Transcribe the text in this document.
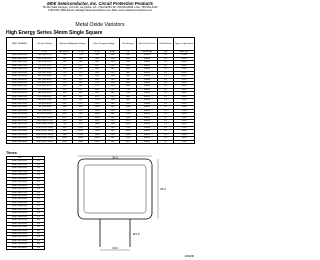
MDE Semiconductor, Inc. Circuit Protection Products
78-150 Calle Tampico, Unit 210, La Quinta, CA., USA 92253 Tel: 760-564-8006 • Fax: 760-564-2414
1-800-831-4881 Email: sales@mdesemiconductor.com Web: www.mdesemiconductor.com
Metal Oxide Varistors
High Energy Series 34mm Single Square
PART NUMBER	Varistor Voltage	Maximum Allowable Voltage		Max Clamping Voltage		Max Energy	Max Peak Current	Rated Power	Typical Capacitance
	V (V)	ACrms (V)	DC (V)	Vc (V)	Ip (A)	(J)	8/20us (A)	(W)	1kHz (pF)
MDE-34S201M	200 (180-220)	130	170	340	200	280	40000	2.0	11000
MDE-34S221M	220 (198-242)	140	180	360	200	310	40000	2.0	10000
MDE-34S241M	240 (216-264)	150	200	395	200	340	40000	2.0	9000
MDE-34S271M	270 (247-303)	175	225	455	200	385	40000	2.0	8000
MDE-34S301M	300 (270-330)	190	250	500	200	420	40000	2.0	7200
MDE-34S331M	330 (297-363)	210	270	550	200	460	40000	2.0	6500
MDE-34S361M	360 (324-396)	230	300	595	200	500	40000	2.0	6000
MDE-34S391M	390 (351-429)	250	320	650	200	540	40000	2.0	5500
MDE-34S431M	430 (387-473)	275	350	710	200	600	40000	2.0	5000
MDE-34S471M	470 (423-517)	300	385	775	200	650	40000	2.0	4600
MDE-34S511M	510 (459-561)	320	415	845	200	710	40000	2.0	4300
MDE-34S561M	560 (504-616)	350	460	930	200	780	40000	2.0	3900
MDE-34S621M	620 (558-682)	385	505	1025	200	860	40000	2.0	3500
MDE-34S681M	680 (612-748)	420	560	1120	200	940	40000	2.0	3200
MDE-34S751M	750 (675-825)	460	615	1240	200	1040	40000	2.0	2900
MDE-34S781M	780 (702-858)	485	640	1290	200	1080	40000	2.0	2800
MDE-34S821M	820 (738-902)	510	670	1355	200	1140	40000	2.0	2700
MDE-34S911M	910 (819-1001)	550	745	1500	200	1260	40000	2.0	2400
MDE-34S102M	1000 (900-1100)	625	825	1650	200	1390	40000	2.0	2200
MDE-34S112M	1100 (990-1210)	680	895	1815	200	1510	40000	2.0	2000
MDE-34S122M	1200 (1080-1320)	750	970	1980	200	1640	40000	2.0	1800
MDE-34S132M	1300 (1170-1430)	800	1050	2150	200	1780	40000	2.0	1700
MDE-34S142M	1400 (1260-1540)	880	1130	2310	200	1920	40000	2.0	1600
MDE-34S152M	1500 (1350-1650)	960	1200	2480	200	2060	40000	2.0	1500
MDE-34S162M	1600 (1440-1760)	1000	1280	2640	200	2200	40000	2.0	1400
MDE-34S182M	1800 (1620-1980)	1100	1465	2970	200	2470	40000	2.0	1250
Times
Part	T
MDE-34S201M	5.0
MDE-34S221M	5.0
MDE-34S241M	5.0
MDE-34S271M	5.0
MDE-34S301M	5.0
MDE-34S331M	5.0
MDE-34S361M	5.0
MDE-34S391M	5.0
MDE-34S431M	5.0
MDE-34S471M	5.0
MDE-34S511M	5.0
MDE-34S561M	5.0
MDE-34S621M	5.0
MDE-34S681M	5.0
MDE-34S751M	5.0
MDE-34S781M	5.0
MDE-34S821M	5.0
MDE-34S911M	5.0
MDE-34S102M	5.0
MDE-34S112M	5.0
MDE-34S122M	5.0
MDE-34S132M	5.0
MDE-34S142M	5.0
MDE-34S152M	5.0
MDE-34S162M	5.0
MDE-34S182M	5.0
34.0
34.0
Ø1.0
10.0
1302/06
